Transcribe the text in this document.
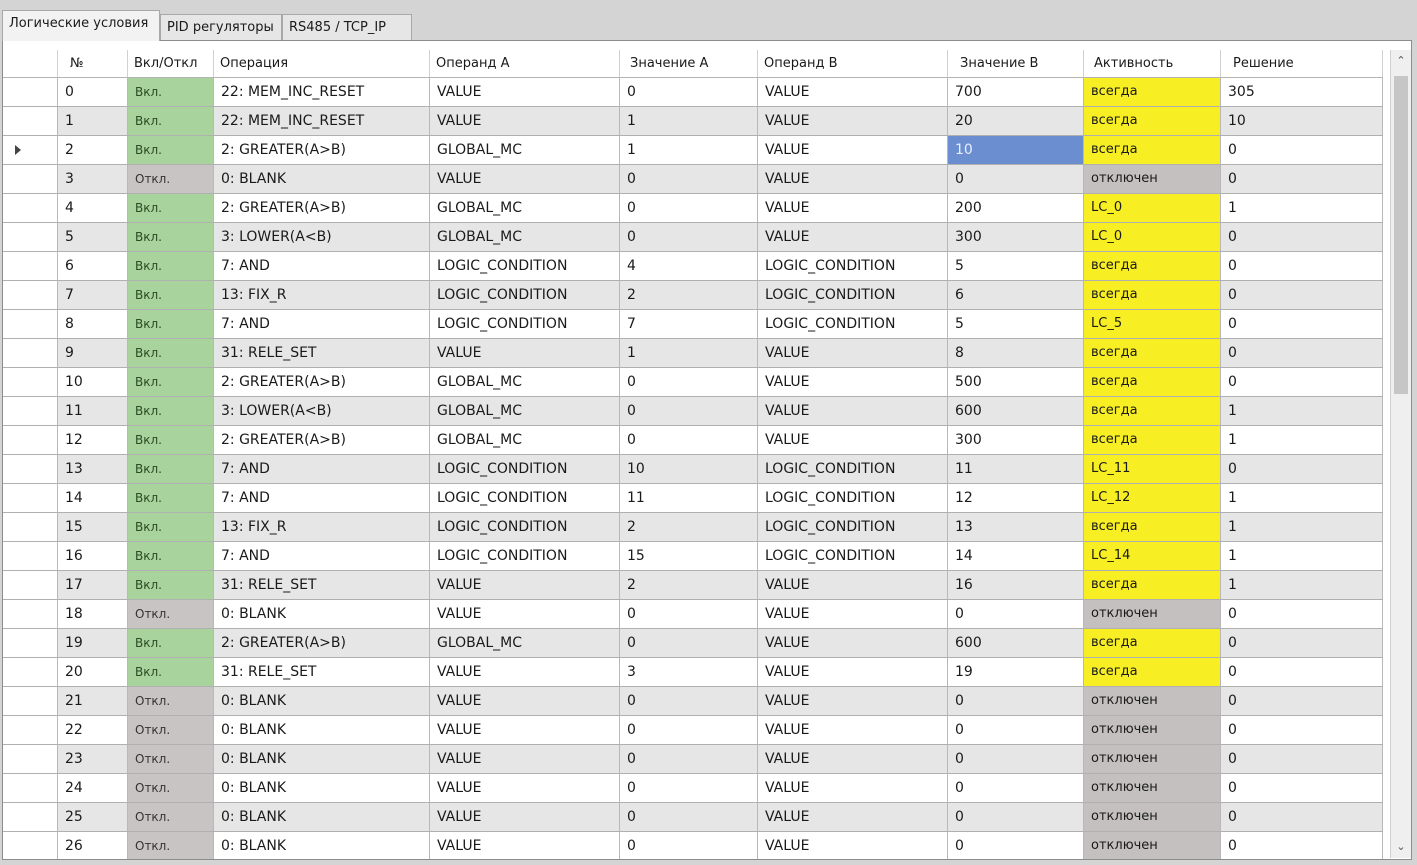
Логические условия	PID регуляторы	RS485 / TCP_IP
№	Вкл/Откл	Операция	Операнд А	Значение А	Операнд В	Значение В	Активность	Решение
0	Вкл.	22: MEM_INC_RESET	VALUE	0	VALUE	700	всегда	305
1	Вкл.	22: MEM_INC_RESET	VALUE	1	VALUE	20	всегда	10
2	Вкл.	2: GREATER(A>B)	GLOBAL_MC	1	VALUE	10	всегда	0
3	Откл.	0: BLANK	VALUE	0	VALUE	0	отключен	0
4	Вкл.	2: GREATER(A>B)	GLOBAL_MC	0	VALUE	200	LC_0	1
5	Вкл.	3: LOWER(A<B)	GLOBAL_MC	0	VALUE	300	LC_0	0
6	Вкл.	7: AND	LOGIC_CONDITION	4	LOGIC_CONDITION	5	всегда	0
7	Вкл.	13: FIX_R	LOGIC_CONDITION	2	LOGIC_CONDITION	6	всегда	0
8	Вкл.	7: AND	LOGIC_CONDITION	7	LOGIC_CONDITION	5	LC_5	0
9	Вкл.	31: RELE_SET	VALUE	1	VALUE	8	всегда	0
10	Вкл.	2: GREATER(A>B)	GLOBAL_MC	0	VALUE	500	всегда	0
11	Вкл.	3: LOWER(A<B)	GLOBAL_MC	0	VALUE	600	всегда	1
12	Вкл.	2: GREATER(A>B)	GLOBAL_MC	0	VALUE	300	всегда	1
13	Вкл.	7: AND	LOGIC_CONDITION	10	LOGIC_CONDITION	11	LC_11	0
14	Вкл.	7: AND	LOGIC_CONDITION	11	LOGIC_CONDITION	12	LC_12	1
15	Вкл.	13: FIX_R	LOGIC_CONDITION	2	LOGIC_CONDITION	13	всегда	1
16	Вкл.	7: AND	LOGIC_CONDITION	15	LOGIC_CONDITION	14	LC_14	1
17	Вкл.	31: RELE_SET	VALUE	2	VALUE	16	всегда	1
18	Откл.	0: BLANK	VALUE	0	VALUE	0	отключен	0
19	Вкл.	2: GREATER(A>B)	GLOBAL_MC	0	VALUE	600	всегда	0
20	Вкл.	31: RELE_SET	VALUE	3	VALUE	19	всегда	0
21	Откл.	0: BLANK	VALUE	0	VALUE	0	отключен	0
22	Откл.	0: BLANK	VALUE	0	VALUE	0	отключен	0
23	Откл.	0: BLANK	VALUE	0	VALUE	0	отключен	0
24	Откл.	0: BLANK	VALUE	0	VALUE	0	отключен	0
25	Откл.	0: BLANK	VALUE	0	VALUE	0	отключен	0
26	Откл.	0: BLANK	VALUE	0	VALUE	0	отключен	0
⌃
⌄
